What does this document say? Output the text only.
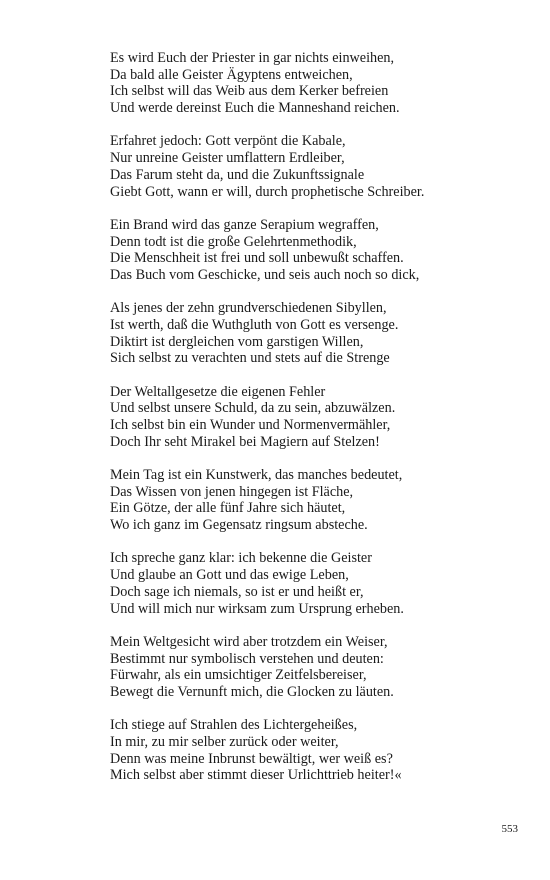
Es wird Euch der Priester in gar nichts einweihen,
Da bald alle Geister Ägyptens entweichen,
Ich selbst will das Weib aus dem Kerker befreien
Und werde dereinst Euch die Manneshand reichen.
Erfahret jedoch: Gott verpönt die Kabale,
Nur unreine Geister umflattern Erdleiber,
Das Farum steht da, und die Zukunftssignale
Giebt Gott, wann er will, durch prophetische Schreiber.
Ein Brand wird das ganze Serapium wegraffen,
Denn todt ist die große Gelehrtenmethodik,
Die Menschheit ist frei und soll unbewußt schaffen.
Das Buch vom Geschicke, und seis auch noch so dick,
Als jenes der zehn grundverschiedenen Sibyllen,
Ist werth, daß die Wuthgluth von Gott es versenge.
Diktirt ist dergleichen vom garstigen Willen,
Sich selbst zu verachten und stets auf die Strenge
Der Weltallgesetze die eigenen Fehler
Und selbst unsere Schuld, da zu sein, abzuwälzen.
Ich selbst bin ein Wunder und Normenvermähler,
Doch Ihr seht Mirakel bei Magiern auf Stelzen!
Mein Tag ist ein Kunstwerk, das manches bedeutet,
Das Wissen von jenen hingegen ist Fläche,
Ein Götze, der alle fünf Jahre sich häutet,
Wo ich ganz im Gegensatz ringsum absteche.
Ich spreche ganz klar: ich bekenne die Geister
Und glaube an Gott und das ewige Leben,
Doch sage ich niemals, so ist er und heißt er,
Und will mich nur wirksam zum Ursprung erheben.
Mein Weltgesicht wird aber trotzdem ein Weiser,
Bestimmt nur symbolisch verstehen und deuten:
Fürwahr, als ein umsichtiger Zeitfelsbereiser,
Bewegt die Vernunft mich, die Glocken zu läuten.
Ich stiege auf Strahlen des Lichtergeheißes,
In mir, zu mir selber zurück oder weiter,
Denn was meine Inbrunst bewältigt, wer weiß es?
Mich selbst aber stimmt dieser Urlichttrieb heiter!«
553
